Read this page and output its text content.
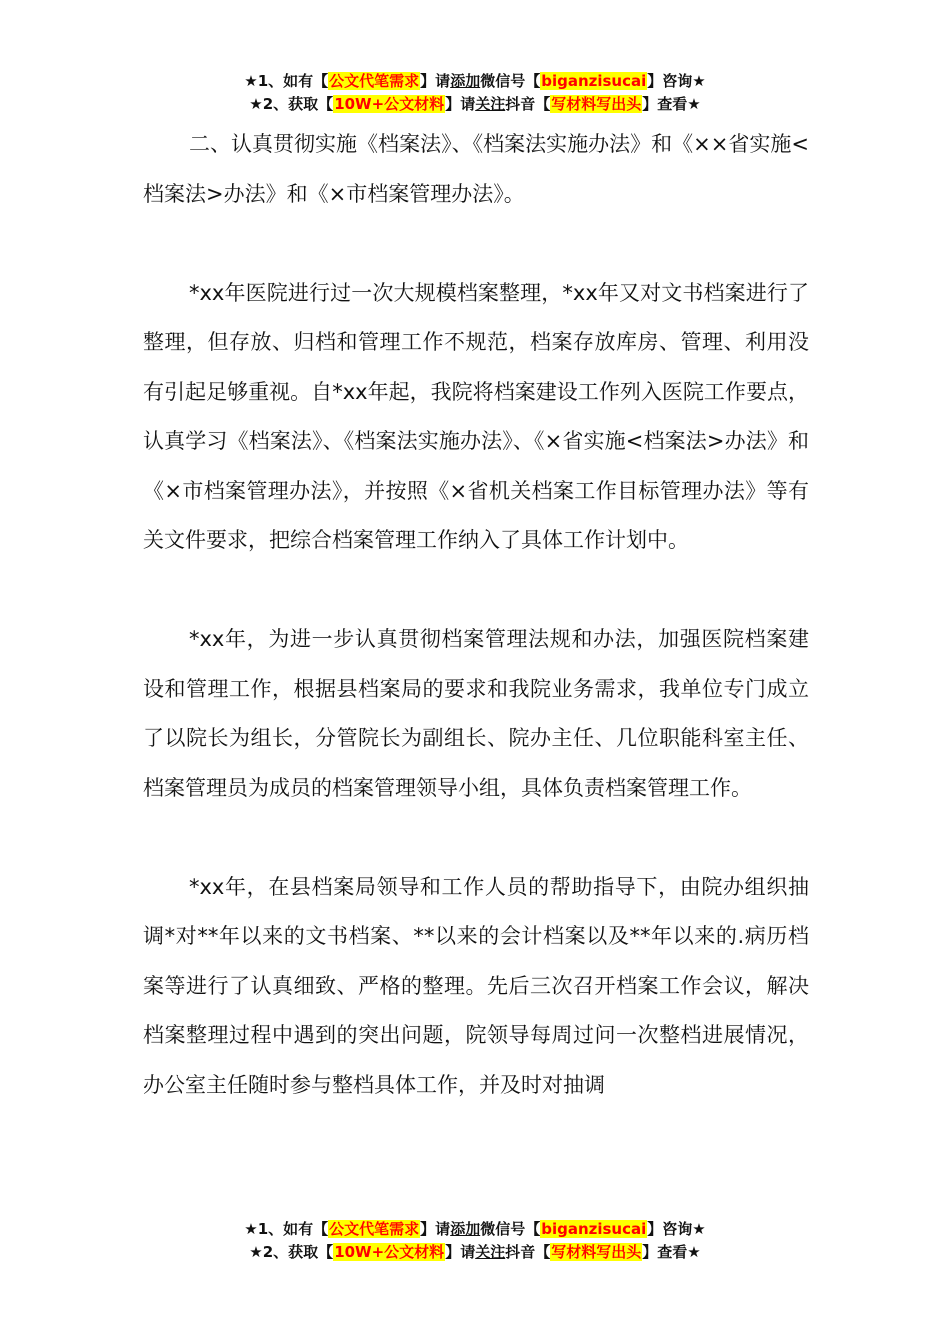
★1、如有【公文代笔需求】请添加微信号【biganzisucai】咨询★
★2、获取【10W+公文材料】请关注抖音【写材料写出头】查看★

二、认真贯彻实施《档案法》、《档案法实施办法》和《××省实施<档案法>办法》和《×市档案管理办法》。

*xx年医院进行过一次大规模档案整理，*xx年又对文书档案进行了整理，但存放、归档和管理工作不规范，档案存放库房、管理、利用没有引起足够重视。自*xx年起，我院将档案建设工作列入医院工作要点，认真学习《档案法》、《档案法实施办法》、《×省实施<档案法>办法》和《×市档案管理办法》，并按照《×省机关档案工作目标管理办法》等有关文件要求，把综合档案管理工作纳入了具体工作计划中。

*xx年，为进一步认真贯彻档案管理法规和办法，加强医院档案建设和管理工作，根据县档案局的要求和我院业务需求，我单位专门成立了以院长为组长，分管院长为副组长、院办主任、几位职能科室主任、档案管理员为成员的档案管理领导小组，具体负责档案管理工作。

*xx年，在县档案局领导和工作人员的帮助指导下，由院办组织抽调*对**年以来的文书档案、**以来的会计档案以及**年以来的.病历档案等进行了认真细致、严格的整理。先后三次召开档案工作会议，解决档案整理过程中遇到的突出问题，院领导每周过问一次整档进展情况，办公室主任随时参与整档具体工作，并及时对抽调

★1、如有【公文代笔需求】请添加微信号【biganzisucai】咨询★
★2、获取【10W+公文材料】请关注抖音【写材料写出头】查看★
